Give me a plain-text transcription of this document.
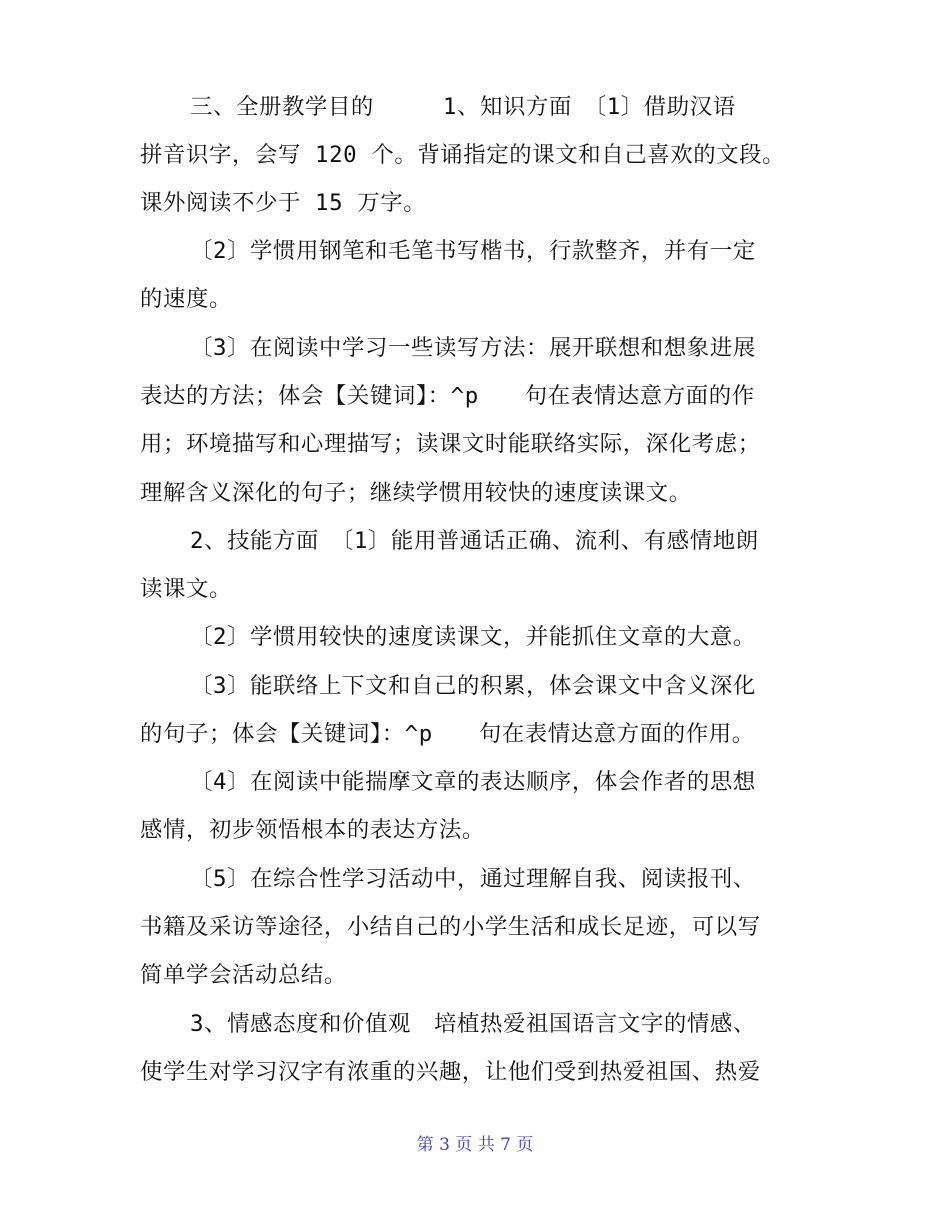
三、全册教学目的　　　1、知识方面　〔1〕借助汉语
拼音识字，会写 120 个。背诵指定的课文和自己喜欢的文段。
课外阅读不少于 15 万字。
〔2〕学惯用钢笔和毛笔书写楷书，行款整齐，并有一定
的速度。
〔3〕在阅读中学习一些读写方法：展开联想和想象进展
表达的方法；体会【关键词】：^p　　句在表情达意方面的作
用；环境描写和心理描写；读课文时能联络实际，深化考虑；
理解含义深化的句子；继续学惯用较快的速度读课文。
2、技能方面　〔1〕能用普通话正确、流利、有感情地朗
读课文。
〔2〕学惯用较快的速度读课文，并能抓住文章的大意。
〔3〕能联络上下文和自己的积累，体会课文中含义深化
的句子；体会【关键词】：^p　　句在表情达意方面的作用。
〔4〕在阅读中能揣摩文章的表达顺序，体会作者的思想
感情，初步领悟根本的表达方法。
〔5〕在综合性学习活动中，通过理解自我、阅读报刊、
书籍及采访等途径，小结自己的小学生活和成长足迹，可以写
简单学会活动总结。
3、情感态度和价值观　培植热爱祖国语言文字的情感、
使学生对学习汉字有浓重的兴趣，让他们受到热爱祖国、热爱
第 3 页 共 7 页
